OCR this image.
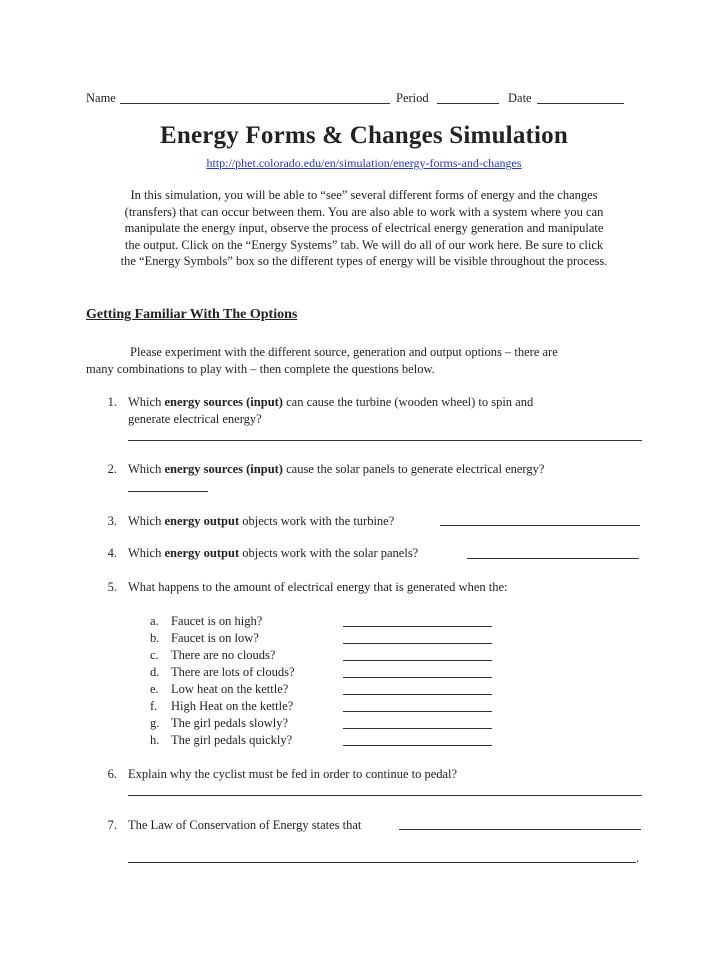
Name	Period	Date
Energy Forms & Changes Simulation
http://phet.colorado.edu/en/simulation/energy-forms-and-changes
In this simulation, you will be able to “see” several different forms of energy and the changes
(transfers) that can occur between them. You are also able to work with a system where you can
manipulate the energy input, observe the process of electrical energy generation and manipulate
the output. Click on the “Energy Systems” tab. We will do all of our work here. Be sure to click
the “Energy Symbols” box so the different types of energy will be visible throughout the process.
Getting Familiar With The Options
Please experiment with the different source, generation and output options – there are
many combinations to play with – then complete the questions below.
1. Which energy sources (input) can cause the turbine (wooden wheel) to spin and
generate electrical energy?
2. Which energy sources (input) cause the solar panels to generate electrical energy?
3. Which energy output objects work with the turbine?
4. Which energy output objects work with the solar panels?
5. What happens to the amount of electrical energy that is generated when the:
a. Faucet is on high?
b. Faucet is on low?
c. There are no clouds?
d. There are lots of clouds?
e. Low heat on the kettle?
f. High Heat on the kettle?
g. The girl pedals slowly?
h. The girl pedals quickly?
6. Explain why the cyclist must be fed in order to continue to pedal?
7. The Law of Conservation of Energy states that
.
